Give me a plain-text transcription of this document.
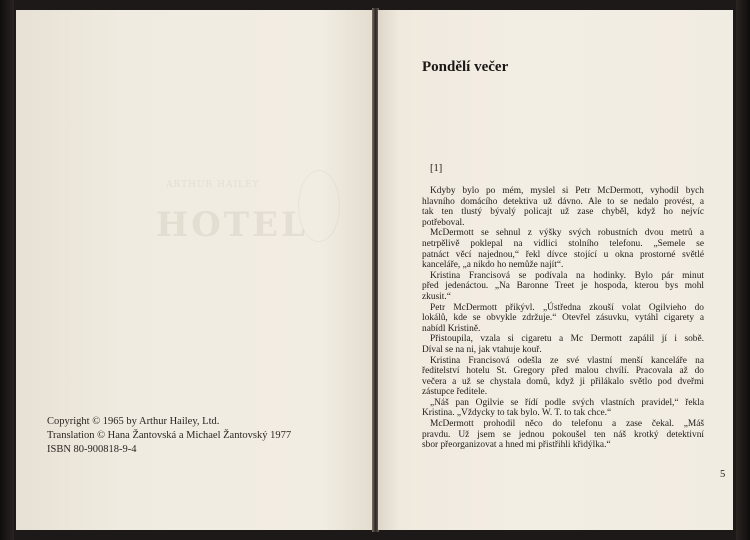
ARTHUR HAILEY
HOTEL
Copyright © 1965 by Arthur Hailey, Ltd.
Translation © Hana Žantovská a Michael Žantovský 1977
ISBN 80-900818-9-4
Pondělí večer
[1]
Kdyby bylo po mém, myslel si Petr McDermott, vyhodil bych
hlavního domácího detektiva už dávno. Ale to se nedalo provést, a
tak ten tlustý bývalý policajt už zase chyběl, když ho nejvíc
potřeboval.
McDermott se sehnul z výšky svých robustních dvou metrů a
netrpělivě poklepal na vidlici stolního telefonu. „Semele se
patnáct věcí najednou,“ řekl dívce stojící u okna prostorné světlé
kanceláře, „a nikdo ho nemůže najít“.
Kristina Francisová se podívala na hodinky. Bylo pár minut
před jedenáctou. „Na Baronne Treet je hospoda, kterou bys mohl
zkusit.“
Petr McDermott přikývl. „Ústředna zkouší volat Ogilvieho do
lokálů, kde se obvykle zdržuje.“ Otevřel zásuvku, vytáhl cigarety a
nabídl Kristině.
Přistoupila, vzala si cigaretu a Mc Dermott zapálil jí i sobě.
Díval se na ni, jak vtahuje kouř.
Kristina Francisová odešla ze své vlastní menší kanceláře na
ředitelství hotelu St. Gregory před malou chvílí. Pracovala až do
večera a už se chystala domů, když ji přilákalo světlo pod dveřmi
zástupce ředitele.
„Náš pan Ogilvie se řídí podle svých vlastních pravidel,“ řekla
Kristina. „Vždycky to tak bylo. W. T. to tak chce.“
McDermott prohodil něco do telefonu a zase čekal. „Máš
pravdu. Už jsem se jednou pokoušel ten náš krotký detektivní
sbor přeorganizovat a hned mi přistřihli křidýlka.“
5
